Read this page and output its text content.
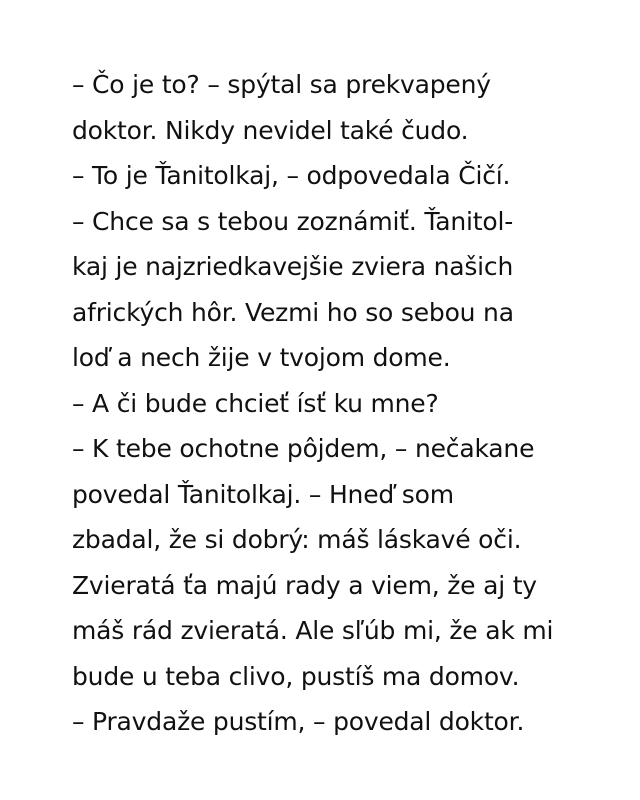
– Čo je to? – spýtal sa prekvapený
doktor. Nikdy nevidel také čudo.
– To je Ťanitolkaj, – odpovedala Čičí.
– Chce sa s tebou zoznámiť. Ťanitol-
kaj je najzriedkavejšie zviera našich
afrických hôr. Vezmi ho so sebou na
loď a nech žije v tvojom dome.
– A či bude chcieť ísť ku mne?
– K tebe ochotne pôjdem, – nečakane
povedal Ťanitolkaj. – Hneď som
zbadal, že si dobrý: máš láskavé oči.
Zvieratá ťa majú rady a viem, že aj ty
máš rád zvieratá. Ale sľúb mi, že ak mi
bude u teba clivo, pustíš ma domov.
– Pravdaže pustím, – povedal doktor.
